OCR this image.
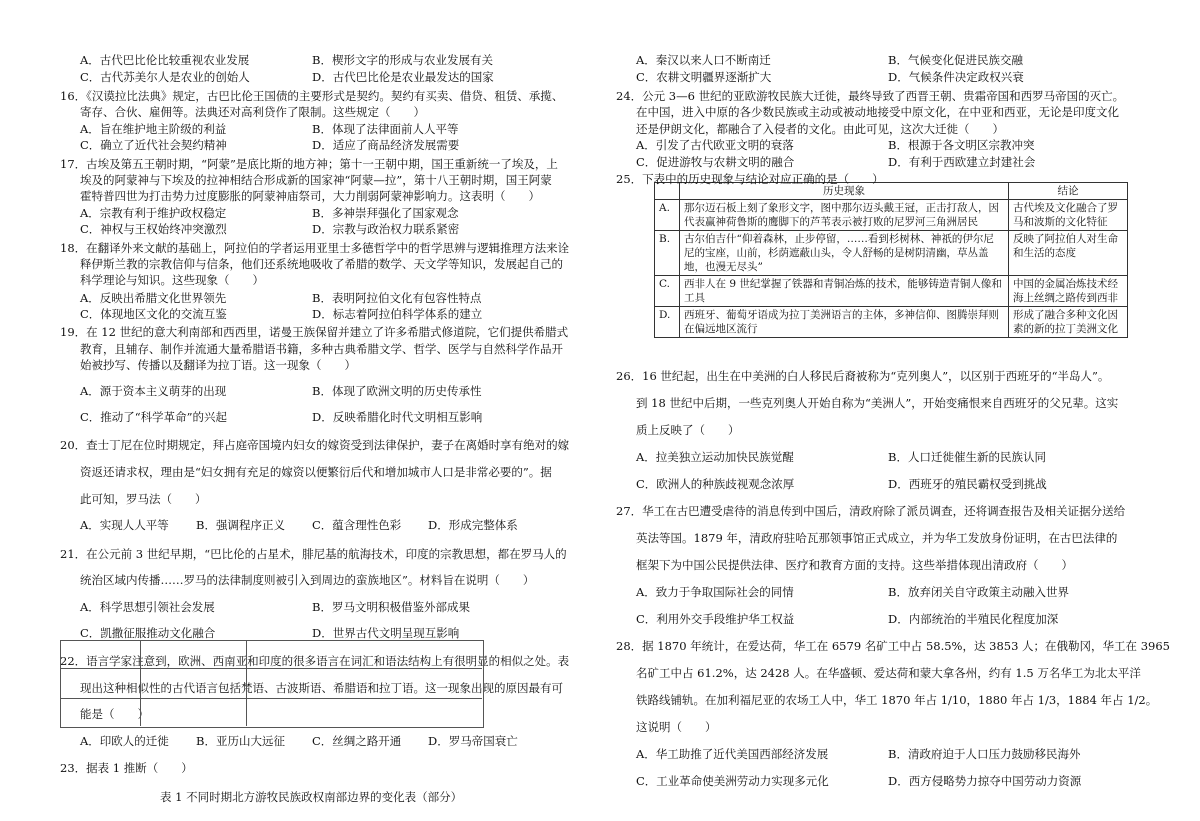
A．古代巴比伦比较重视农业发展	B．楔形文字的形成与农业发展有关
C．古代苏美尔人是农业的创始人	D．古代巴比伦是农业最发达的国家
16．《汉谟拉比法典》规定，古巴比伦王国债的主要形式是契约。契约有买卖、借贷、租赁、承揽、
寄存、合伙、雇佣等。法典还对高利贷作了限制。这些规定（　　）
A．旨在维护地主阶级的利益	B．体现了法律面前人人平等
C．确立了近代社会契约精神	D．适应了商品经济发展需要
17．古埃及第五王朝时期，“阿蒙”是底比斯的地方神；第十一王朝中期，国王重新统一了埃及，上
埃及的阿蒙神与下埃及的拉神相结合形成新的国家神“阿蒙—拉”，第十八王朝时期，国王阿蒙
霍特普四世为打击势力过度膨胀的阿蒙神庙祭司，大力削弱阿蒙神影响力。这表明（　　）
A．宗教有利于维护政权稳定	B．多神崇拜强化了国家观念
C．神权与王权始终冲突激烈	D．宗教与政治权力联系紧密
18．在翻译外来文献的基础上，阿拉伯的学者运用亚里士多德哲学中的哲学思辨与逻辑推理方法来诠
释伊斯兰教的宗教信仰与信条，他们还系统地吸收了希腊的数学、天文学等知识，发展起自己的
科学理论与知识。这些现象（　　）
A．反映出希腊文化世界领先	B．表明阿拉伯文化有包容性特点
C．体现地区文化的交流互鉴	D．标志着阿拉伯科学体系的建立
19．在 12 世纪的意大利南部和西西里，诺曼王族保留并建立了许多希腊式修道院，它们提供希腊式
教育，且辅存、制作并流通大量希腊语书籍，多种古典希腊文学、哲学、医学与自然科学作品开
始被抄写、传播以及翻译为拉丁语。这一现象（　　）
A．源于资本主义萌芽的出现	B．体现了欧洲文明的历史传承性
C．推动了“科学革命”的兴起	D．反映希腊化时代文明相互影响
20．查士丁尼在位时期规定，拜占庭帝国境内妇女的嫁资受到法律保护，妻子在离婚时享有绝对的嫁
资返还请求权，理由是“妇女拥有充足的嫁资以便繁衍后代和增加城市人口是非常必要的”。据
此可知，罗马法（　　）
A．实现人人平等 B．强调程序正义 C．蕴含理性色彩 D．形成完整体系
21．在公元前 3 世纪早期，“巴比伦的占星术，腓尼基的航海技术，印度的宗教思想，都在罗马人的
统治区域内传播……罗马的法律制度则被引入到周边的蛮族地区”。材料旨在说明（　　）
A．科学思想引领社会发展	B．罗马文明积极借鉴外部成果
C．凯撒征服推动文化融合	D．世界古代文明呈现互影响
22．语言学家注意到，欧洲、西南亚和印度的很多语言在词汇和语法结构上有很明显的相似之处。表
现出这种相似性的古代语言包括梵语、古波斯语、希腊语和拉丁语。这一现象出现的原因最有可
能是（　　）
A．印欧人的迁徙 B．亚历山大远征 C．丝绸之路开通 D．罗马帝国衰亡
23．据表 1 推断（　　）
表 1 不同时期北方游牧民族政权南部边界的变化表（部分）
	历史现象	结论
A.	那尔迈石板上刻了象形文字，图中那尔迈头戴王冠，正击打敌人，因代表赢神荷鲁斯的鹰脚下的芦苇表示被打败的尼罗河三角洲居民	古代埃及文化融合了罗马和波斯的文化特征
B.	古尔伯吉什“仰着森林，止步停留，……看到杉树林、神祇的伊尔尼尼的宝座，山前，杉荫遮蔽山头，令人舒畅的是树阴清幽，草丛盖地，也漫无尽头”	反映了阿拉伯人对生命和生活的态度
C.	西非人在 9 世纪掌握了铁器和青铜冶炼的技术，能够铸造青铜人像和工具	中国的金属冶炼技术经海上丝绸之路传到西非
D.	西班牙、葡萄牙语成为拉丁美洲语言的主体，多神信仰、图腾崇拜则在偏远地区流行	形成了融合多种文化因素的新的拉丁美洲文化
A．秦汉以来人口不断南迁	B．气候变化促进民族交融
C．农耕文明疆界逐渐扩大	D．气候条件决定政权兴衰
24．公元 3—6 世纪的亚欧游牧民族大迁徙，最终导致了西晋王朝、贵霜帝国和西罗马帝国的灭亡。
在中国，进入中原的各少数民族或主动或被动地接受中原文化，在中亚和西亚，无论是印度文化
还是伊朗文化，都融合了入侵者的文化。由此可见，这次大迁徙（　　）
A．引发了古代欧亚文明的衰落	B．根源于各文明区宗教冲突
C．促进游牧与农耕文明的融合	D．有利于西欧建立封建社会
25．下表中的历史现象与结论对应正确的是（　　）
26．16 世纪起，出生在中美洲的白人移民后裔被称为“克列奥人”，以区别于西班牙的“半岛人”。
到 18 世纪中后期，一些克列奥人开始自称为“美洲人”，开始变痛恨来自西班牙的父兄辈。这实
质上反映了（　　）
A．拉美独立运动加快民族觉醒	B．人口迁徙催生新的民族认同
C．欧洲人的种族歧视观念浓厚	D．西班牙的殖民霸权受到挑战
27．华工在古巴遭受虐待的消息传到中国后，清政府除了派员调查，还将调查报告及相关证据分送给
英法等国。1879 年，清政府驻哈瓦那领事馆正式成立，并为华工发放身份证明，在古巴法律的
框架下为中国公民提供法律、医疗和教育方面的支持。这些举措体现出清政府（　　）
A．致力于争取国际社会的同情	B．放弃闭关自守政策主动融入世界
C．利用外交手段维护华工权益	D．内部统治的半殖民化程度加深
28．据 1870 年统计，在爱达荷，华工在 6579 名矿工中占 58.5%，达 3853 人；在俄勒冈，华工在 3965
名矿工中占 61.2%，达 2428 人。在华盛顿、爱达荷和蒙大拿各州，约有 1.5 万名华工为北太平洋
铁路线铺轨。在加利福尼亚的农场工人中，华工 1870 年占 1/10，1880 年占 1/3，1884 年占 1/2。
这说明（　　）
A．华工助推了近代美国西部经济发展	B．清政府迫于人口压力鼓励移民海外
C．工业革命使美洲劳动力实现多元化	D．西方侵略势力掠夺中国劳动力资源
